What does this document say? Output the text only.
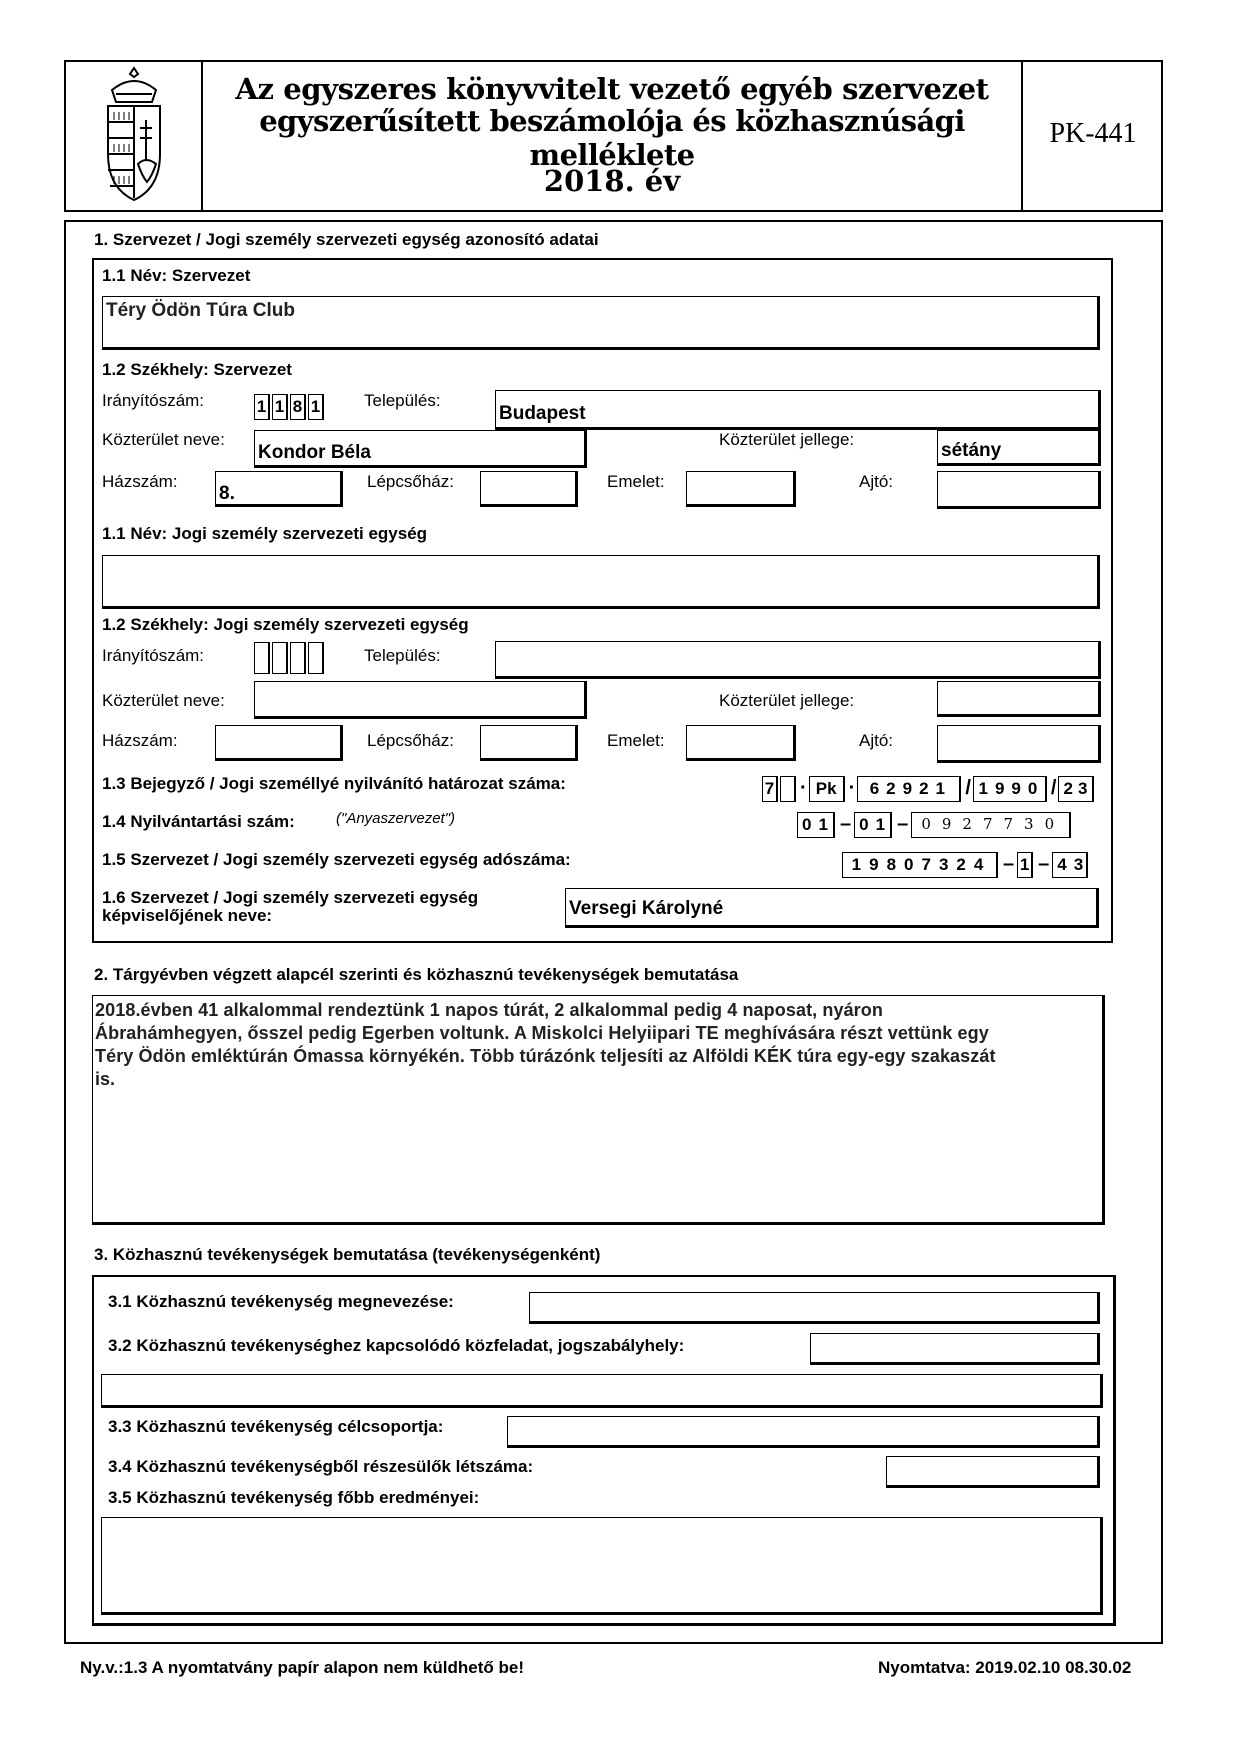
Az egyszeres könyvvitelt vezető egyéb szervezet
egyszerűsített beszámolója és közhasznúsági melléklete
2018. év
PK-441
1. Szervezet / Jogi személy szervezeti egység azonosító adatai
1.1 Név: Szervezet
Téry Ödön Túra Club
1.2 Székhely: Szervezet
Irányítószám:	1 1 8 1	Település:
Budapest
Közterület neve:
Kondor Béla
Közterület jellege:
sétány
Házszám:
8.
Lépcsőház:	Emelet:	Ajtó:
1.1 Név: Jogi személy szervezeti egység
1.2 Székhely: Jogi személy szervezeti egység
Irányítószám:	Település:
Közterület neve:	Közterület jellege:
Házszám:	Lépcsőház:	Emelet:	Ajtó:
1.3 Bejegyző / Jogi személlyé nyilvánító határozat száma:	7 · Pk · 62921 / 1990 / 23
1.4 Nyilvántartási szám:	("Anyaszervezet")	01 – 01 – 0927730
1.5 Szervezet / Jogi személy szervezeti egység adószáma:	19807324 – 1 – 43
1.6 Szervezet / Jogi személy szervezeti egység
képviselőjének neve:	Versegi Károlyné
2. Tárgyévben végzett alapcél szerinti és közhasznú tevékenységek bemutatása
2018.évben 41 alkalommal rendeztünk 1 napos túrát, 2 alkalommal pedig 4 naposat, nyáron
Ábrahámhegyen, ősszel pedig Egerben voltunk. A Miskolci Helyiipari TE meghívására részt vettünk egy
Téry Ödön emléktúrán Ómassa környékén. Több túrázónk teljesíti az Alföldi KÉK túra egy-egy szakaszát
is.
3. Közhasznú tevékenységek bemutatása (tevékenységenként)
3.1 Közhasznú tevékenység megnevezése:
3.2 Közhasznú tevékenységhez kapcsolódó közfeladat, jogszabályhely:
3.3 Közhasznú tevékenység célcsoportja:
3.4 Közhasznú tevékenységből részesülők létszáma:
3.5 Közhasznú tevékenység főbb eredményei:
Ny.v.:1.3 A nyomtatvány papír alapon nem küldhető be!	Nyomtatva: 2019.02.10 08.30.02
